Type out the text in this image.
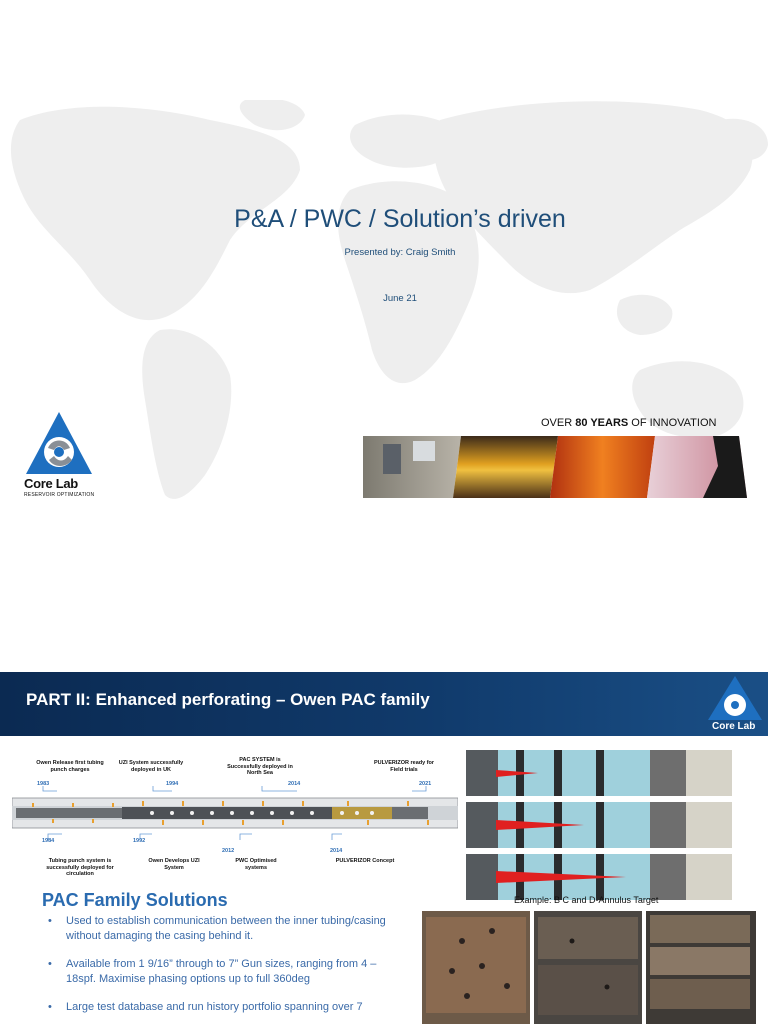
P&A / PWC / Solution’s driven
Presented by: Craig Smith
June 21
Core Lab
RESERVOIR OPTIMIZATION
OVER 80 YEARS OF INNOVATION
PART II: Enhanced perforating – Owen PAC family
Core Lab
Owen Release first tubing punch charges
1983
UZI System successfully deployed in UK
1994
PAC SYSTEM is Successfully deployed in North Sea
2014
PULVERIZOR ready for Field trials
2021
1984
Tubing punch system is successfully deployed for circulation
1992
Owen Develops UZI System
2012
PWC Optimised systems
2014
PULVERIZOR Concept
Example: B C and D-Annulus Target
PAC Family Solutions
• Used to establish communication between the inner tubing/casing without damaging the casing behind it.
• Available from 1 9/16” through to 7” Gun sizes, ranging from 4 – 18spf. Maximise phasing options up to full 360deg
• Large test database and run history portfolio spanning over 7
